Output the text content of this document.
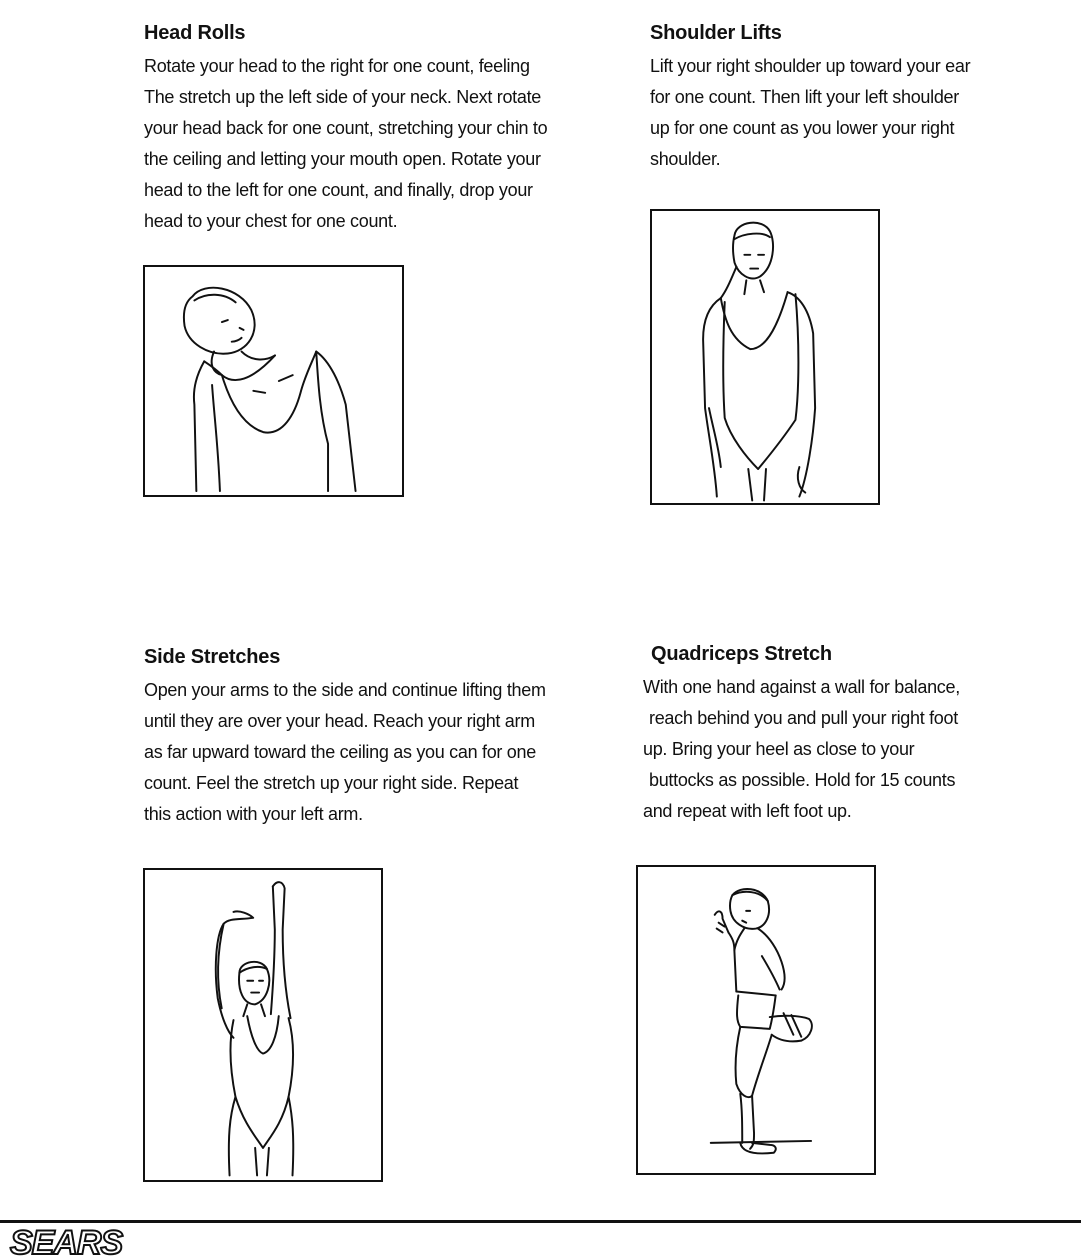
Head Rolls
Rotate your head to the right for one count, feeling
The stretch up the left side of your neck. Next rotate
your head back for one count, stretching your chin to
the ceiling and letting your mouth open. Rotate your
head to the left for one count, and finally, drop your
head to your chest for one count.
Shoulder Lifts
Lift your right shoulder up toward your ear
for one count. Then lift your left shoulder
up for one count as you lower your right
shoulder.
Side Stretches
Open your arms to the side and continue lifting them
until they are over your head. Reach your right arm
as far upward toward the ceiling as you can for one
count. Feel the stretch up your right side. Repeat
this action with your left arm.
Quadriceps Stretch
With one hand against a wall for balance,
reach behind you and pull your right foot
up. Bring your heel as close to your
buttocks as possible. Hold for 15 counts
and repeat with left foot up.
SEARS
